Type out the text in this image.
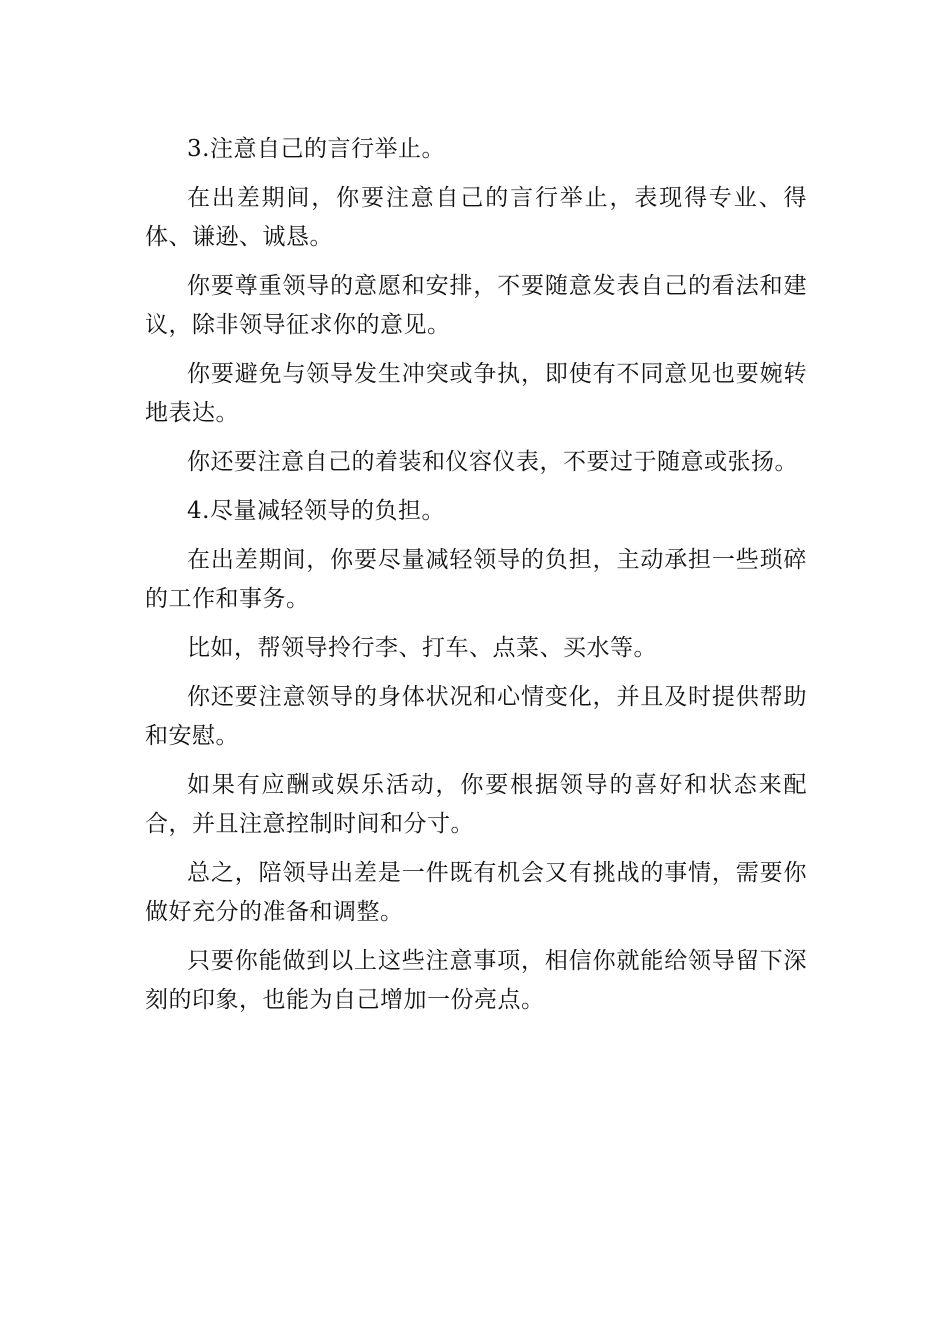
3.注意自己的言行举止。

在出差期间，你要注意自己的言行举止，表现得专业、得体、谦逊、诚恳。

你要尊重领导的意愿和安排，不要随意发表自己的看法和建议，除非领导征求你的意见。

你要避免与领导发生冲突或争执，即使有不同意见也要婉转地表达。

你还要注意自己的着装和仪容仪表，不要过于随意或张扬。

4.尽量减轻领导的负担。

在出差期间，你要尽量减轻领导的负担，主动承担一些琐碎的工作和事务。

比如，帮领导拎行李、打车、点菜、买水等。

你还要注意领导的身体状况和心情变化，并且及时提供帮助和安慰。

如果有应酬或娱乐活动，你要根据领导的喜好和状态来配合，并且注意控制时间和分寸。

总之，陪领导出差是一件既有机会又有挑战的事情，需要你做好充分的准备和调整。

只要你能做到以上这些注意事项，相信你就能给领导留下深刻的印象，也能为自己增加一份亮点。
